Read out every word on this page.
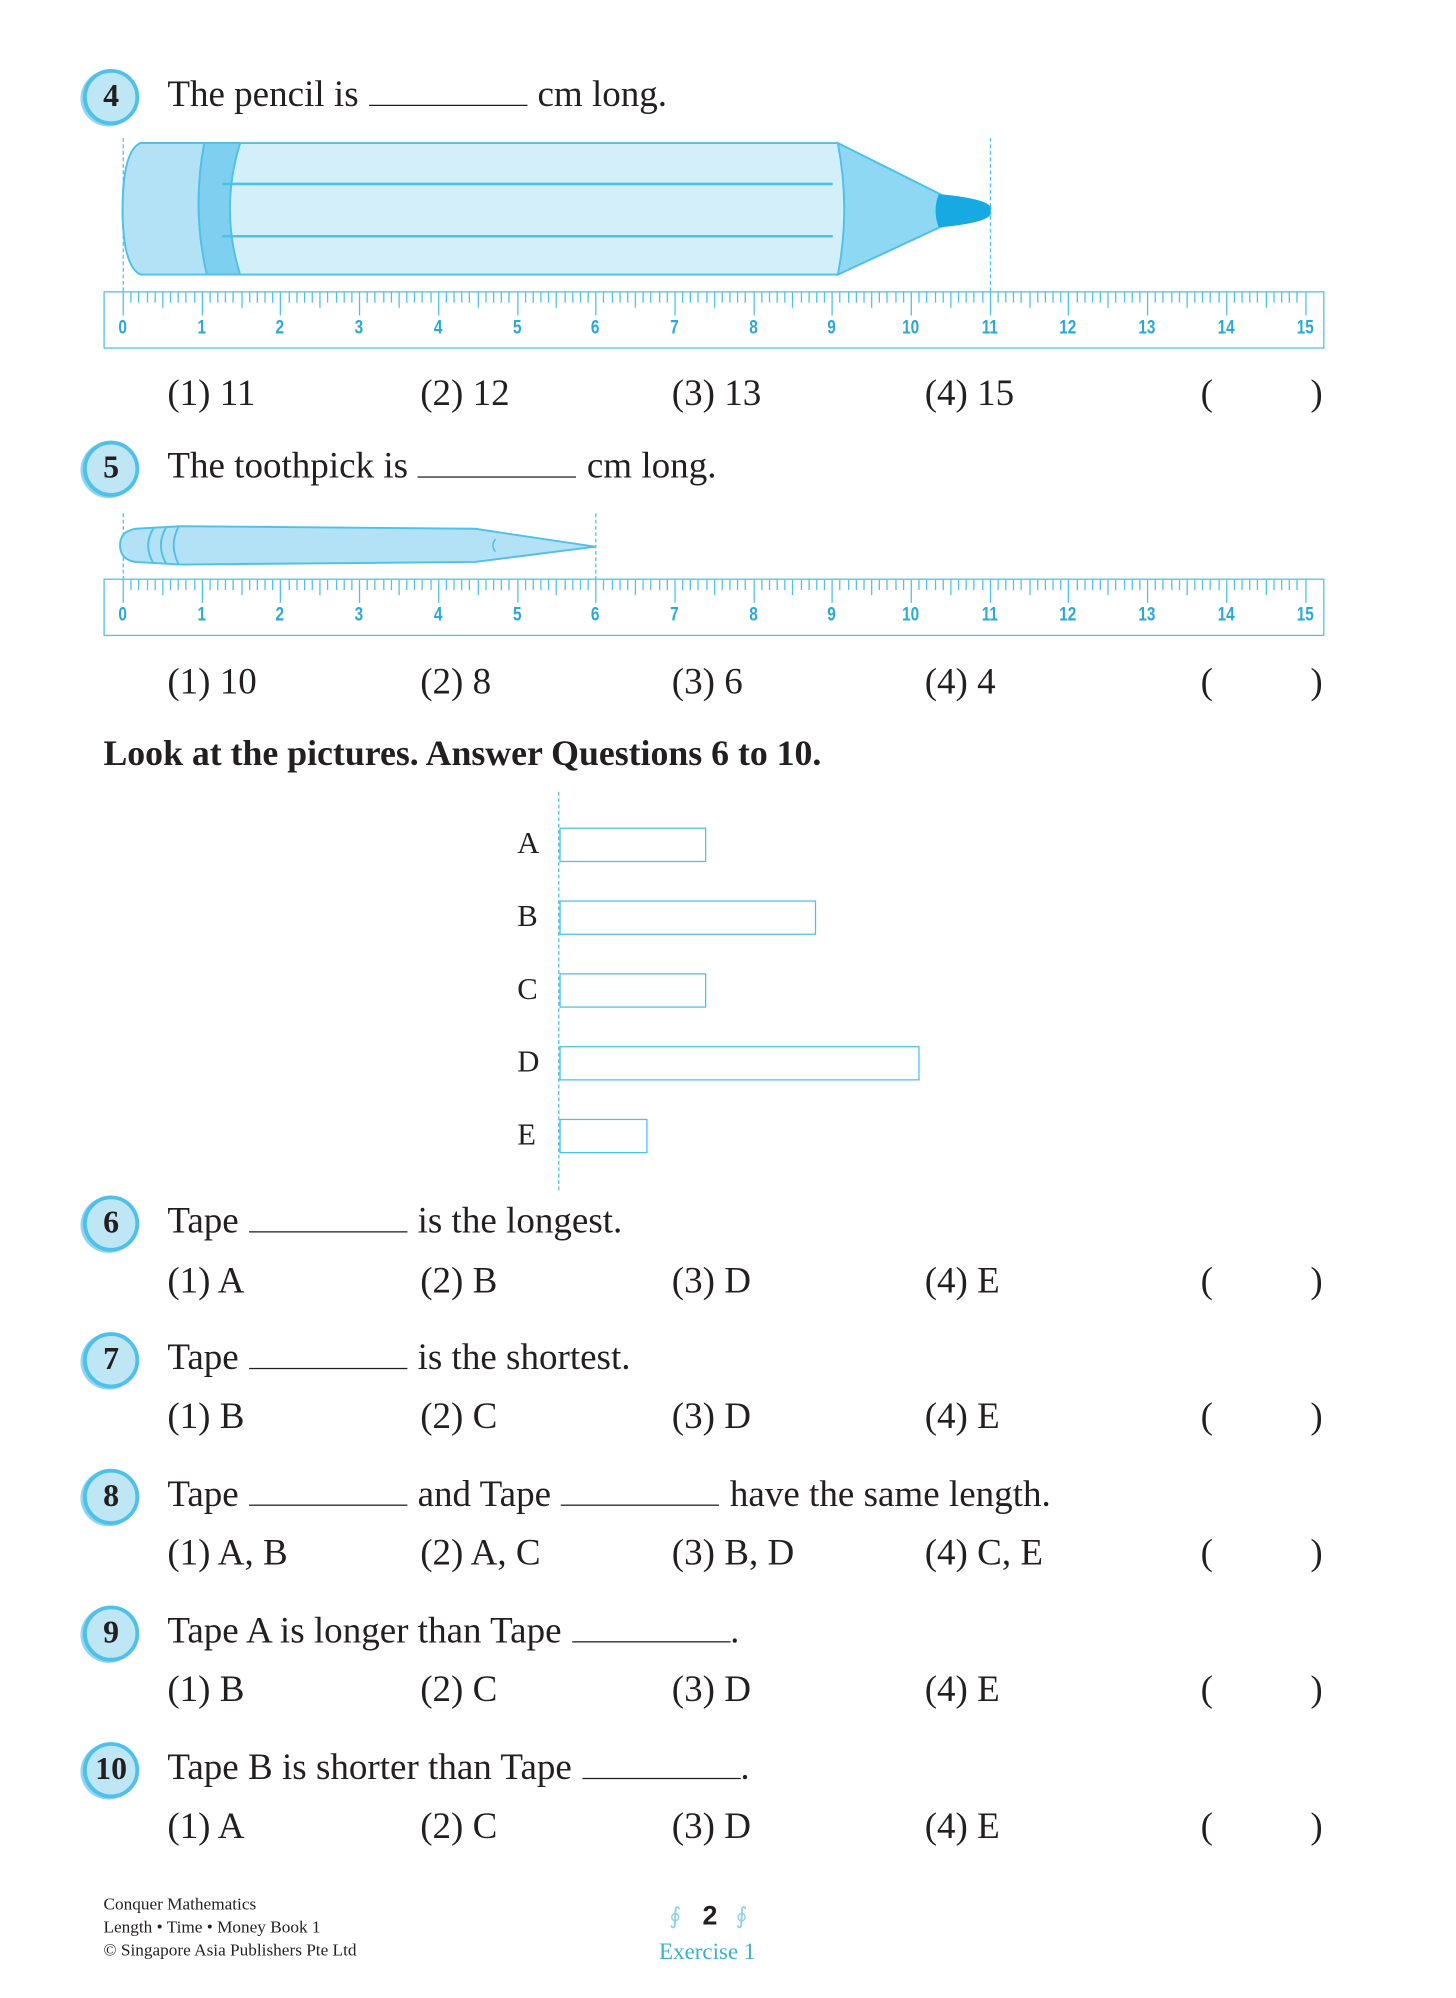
4	The pencil is	cm long.
0	1	2	3	4	5	6	7	8	9	10	11	12	13	14	15
(1) 11	(2) 12	(3) 13	(4) 15	(	)
5	The toothpick is	cm long.
0	1	2	3	4	5	6	7	8	9	10	11	12	13	14	15
(1) 10	(2) 8	(3) 6	(4) 4	(	)
Look at the pictures. Answer Questions 6 to 10.
A
B
C
D
E
6	Tape	is the longest.
(1) A	(2) B	(3) D	(4) E	(	)
7	Tape	is the shortest.
(1) B	(2) C	(3) D	(4) E	(	)
8	Tape	and Tape	have the same length.
(1) A, B	(2) A, C	(3) B, D	(4) C, E	(	)
9	Tape A is longer than Tape	.
(1) B	(2) C	(3) D	(4) E	(	)
10	Tape B is shorter than Tape	.
(1) A	(2) C	(3) D	(4) E	(	)
Conquer Mathematics
Length • Time • Money Book 1
© Singapore Asia Publishers Pte Ltd
∮ 2 ∮
Exercise 1
